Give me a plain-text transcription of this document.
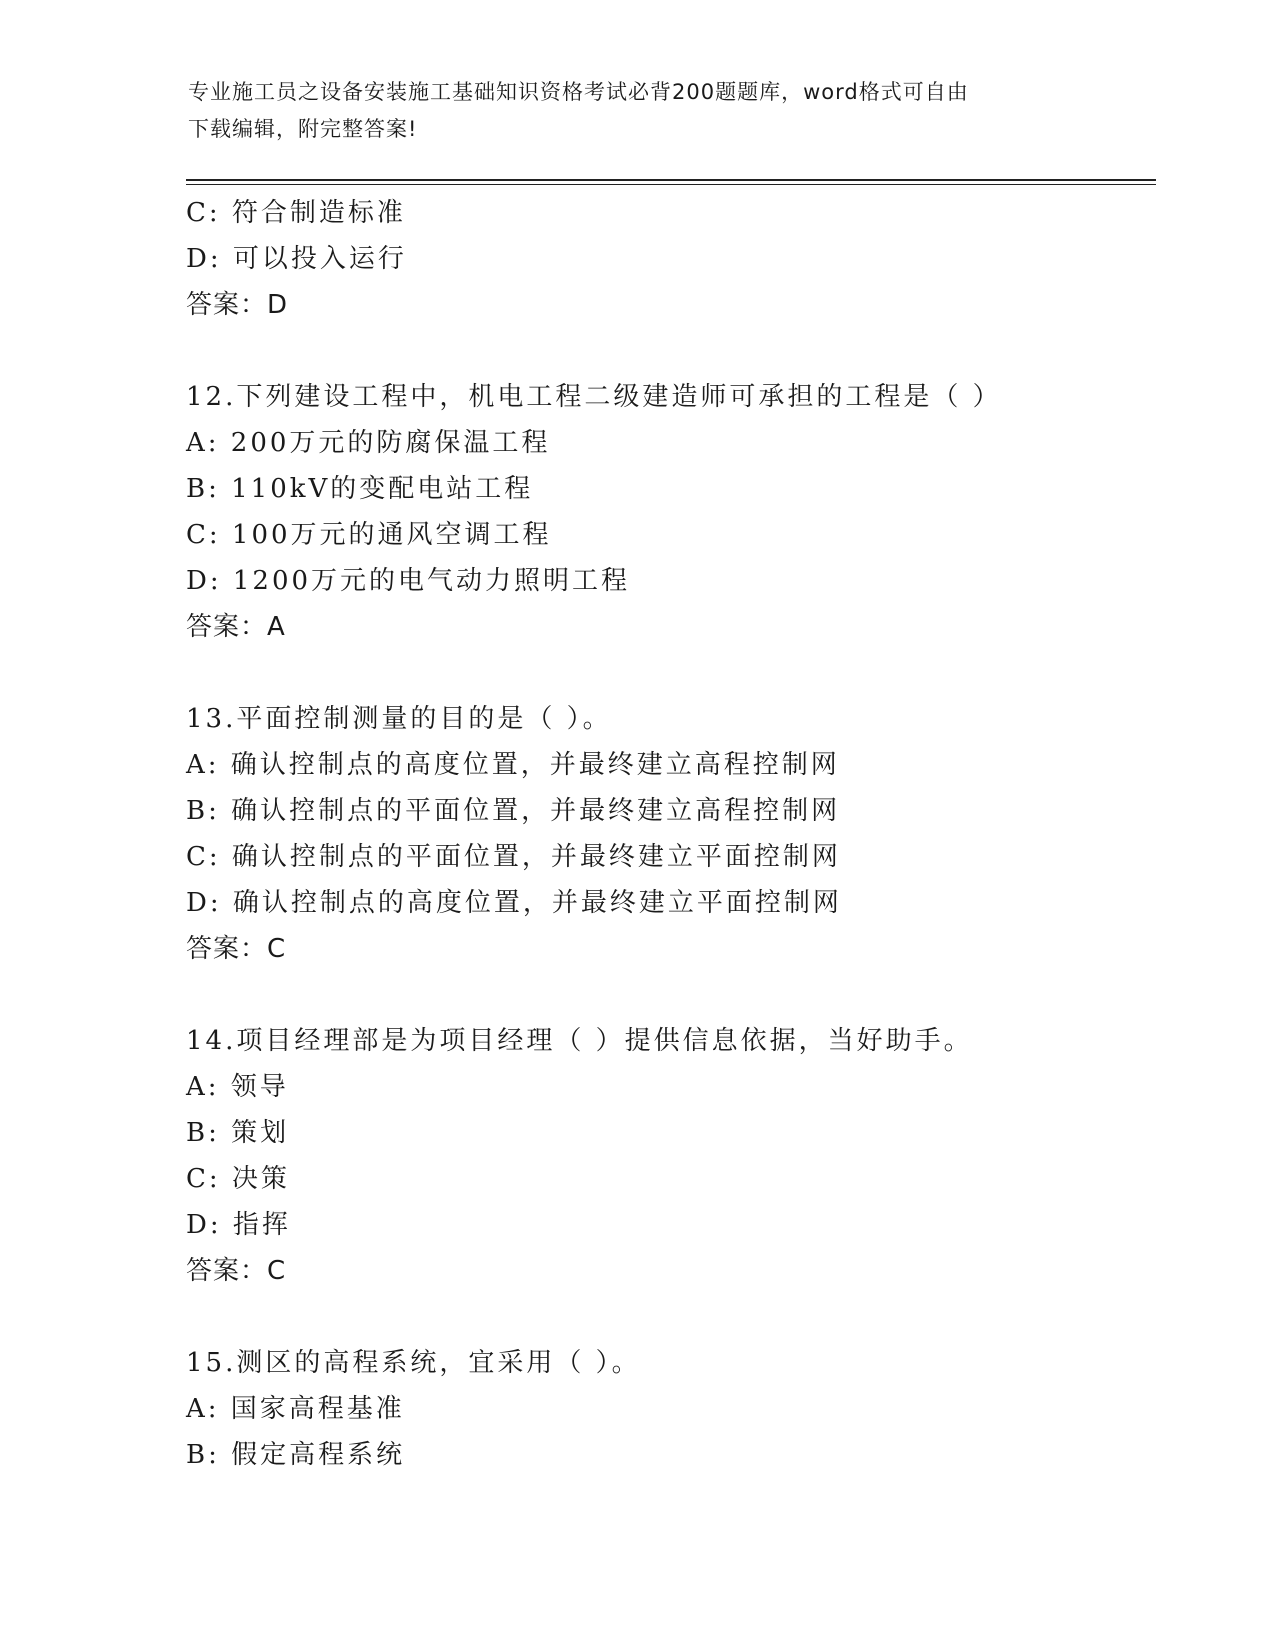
专业施工员之设备安装施工基础知识资格考试必背200题题库，word格式可自由
下载编辑，附完整答案!
C: 符合制造标准
D: 可以投入运行
答案：D
12.下列建设工程中，机电工程二级建造师可承担的工程是（ ）
A: 200万元的防腐保温工程
B: 110kV的变配电站工程
C: 100万元的通风空调工程
D: 1200万元的电气动力照明工程
答案：A
13.平面控制测量的目的是（ ）。
A: 确认控制点的高度位置，并最终建立高程控制网
B: 确认控制点的平面位置，并最终建立高程控制网
C: 确认控制点的平面位置，并最终建立平面控制网
D: 确认控制点的高度位置，并最终建立平面控制网
答案：C
14.项目经理部是为项目经理（ ）提供信息依据，当好助手。
A: 领导
B: 策划
C: 决策
D: 指挥
答案：C
15.测区的高程系统，宜采用（ ）。
A: 国家高程基准
B: 假定高程系统
